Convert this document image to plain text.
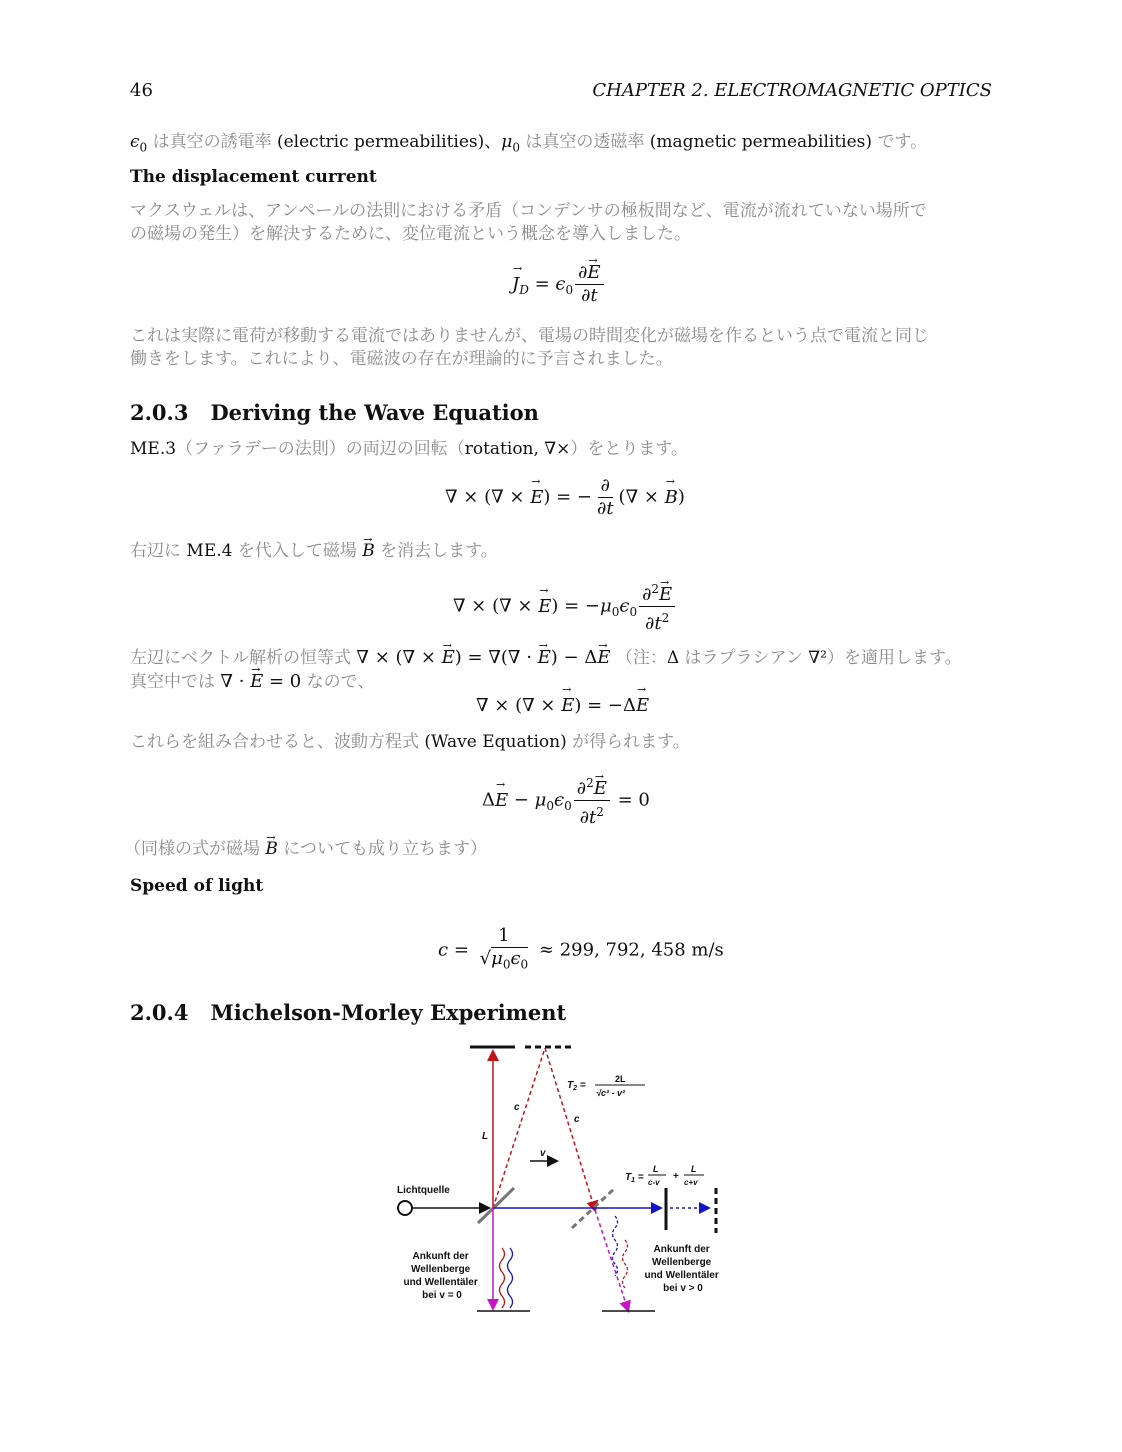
46	CHAPTER 2. ELECTROMAGNETIC OPTICS
$\epsilon_0$ は真空の誘電率 (electric permeabilities)、$\mu_0$ は真空の透磁率 (magnetic permeabilities) です。
The displacement current
マクスウェルは、アンペールの法則における矛盾（コンデンサの極板間など、電流が流れていない場所で
の磁場の発生）を解決するために、変位電流という概念を導入しました。
→ $J_D = \epsilon_0 \frac{\partial\to E}{\partial t}$
これは実際に電荷が移動する電流ではありませんが、電場の時間変化が磁場を作るという点で電流と同じ
働きをします。これにより、電磁波の存在が理論的に予言されました。
2.0.3 Deriving the Wave Equation
ME.3（ファラデーの法則）の両辺の回転（rotation, ∇×）をとります。
∇ × (∇ × → E) = − $\frac{\partial}{\partial t}$ (∇ × → B)
右辺に ME.4 を代入して磁場 → B を消去します。
∇ × (∇ × → $E) = -\mu_0\epsilon_0 \frac{\partial^2\to E}{\partial t^2}$
左辺にベクトル解析の恒等式 ∇ × (∇ × → E) = ∇(∇ · → E) − Δ→ E （注：Δ はラプラシアン ∇²）を適用します。
真空中では ∇ · → E = 0 なので、
∇ × (∇ × → E) = −Δ→ E
これらを組み合わせると、波動方程式 (Wave Equation) が得られます。
$\Delta\to E - \mu_0\epsilon_0 \frac{\partial^2\to E}{\partial t^2} = 0$
（同様の式が磁場 → B についても成り立ちます）
Speed of light
$c = \frac{1}{√\mu_0\epsilon_0} \approx 299$, 792, 458 m/s
2.0.4 Michelson-Morley Experiment
L
c
c
$T_2$ =
2L
√c² - v²
v
$T_1$ =
L
c-v
+
L
c+v
Lichtquelle
Ankunft der Wellenberge und Wellentäler bei v = 0
Ankunft der Wellenberge und Wellentäler bei v > 0
